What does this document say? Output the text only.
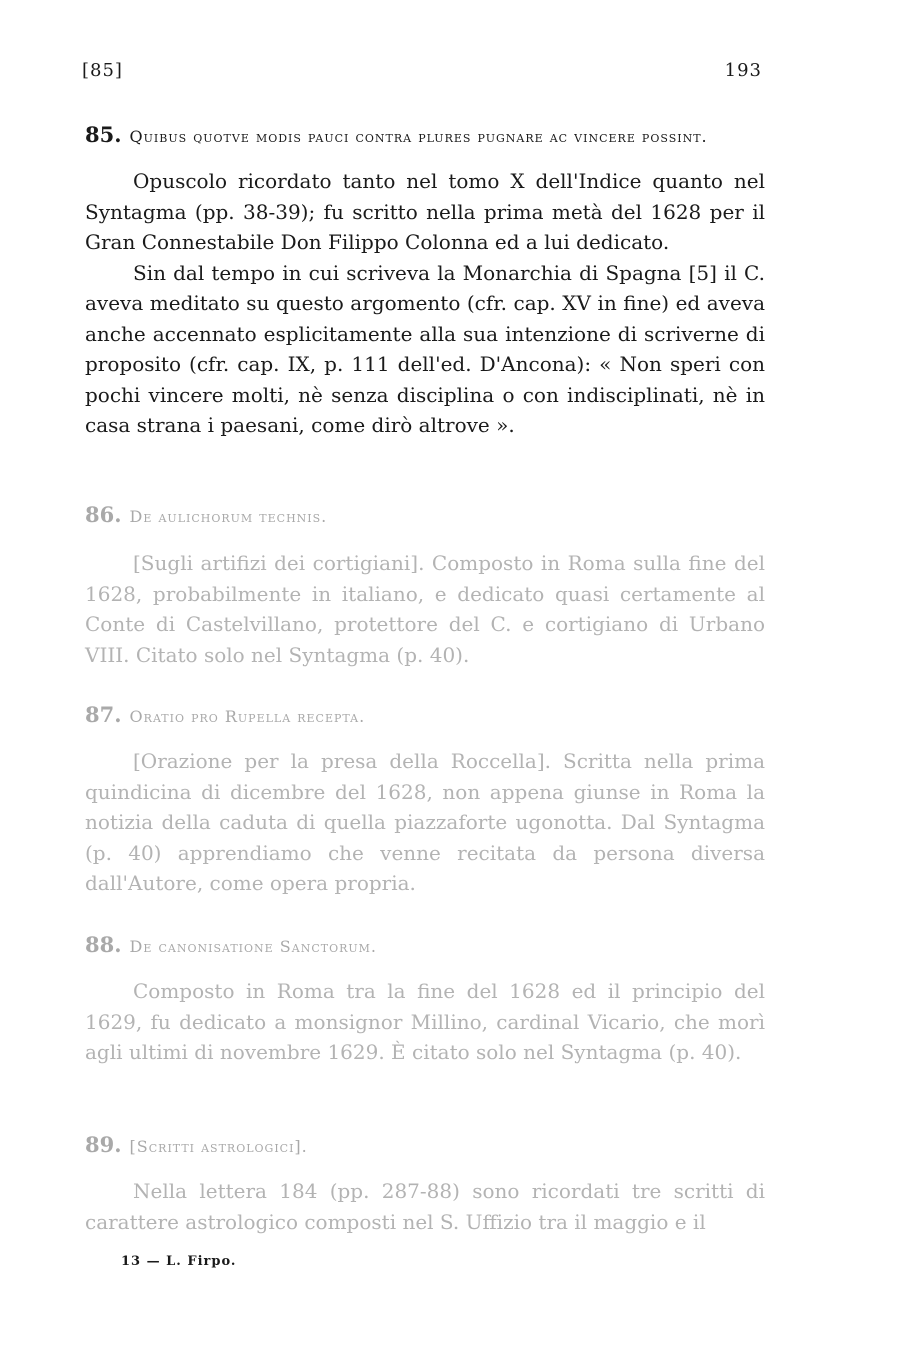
[85]	193
85. Quibus quotve modis pauci contra plures pugnare ac vincere possint.

Opuscolo ricordato tanto nel tomo X dell'Indice quanto nel Syntagma (pp. 38-39); fu scritto nella prima metà del 1628 per il Gran Connestabile Don Filippo Colonna ed a lui dedicato.

Sin dal tempo in cui scriveva la Monarchia di Spagna [5] il C. aveva meditato su questo argomento (cfr. cap. XV in fine) ed aveva anche accennato esplicitamente alla sua intenzione di scriverne di proposito (cfr. cap. IX, p. 111 dell'ed. D'Ancona): « Non speri con pochi vincere molti, nè senza disciplina o con indisciplinati, nè in casa strana i paesani, come dirò altrove ».

86. De aulichorum technis.

[Sugli artifizi dei cortigiani]. Composto in Roma sulla fine del 1628, probabilmente in italiano, e dedicato quasi certamente al Conte di Castelvillano, protettore del C. e cortigiano di Urbano VIII. Citato solo nel Syntagma (p. 40).

87. Oratio pro Rupella recepta.

[Orazione per la presa della Roccella]. Scritta nella prima quindicina di dicembre del 1628, non appena giunse in Roma la notizia della caduta di quella piazzaforte ugonotta. Dal Syntagma (p. 40) apprendiamo che venne recitata da persona diversa dall'Autore, come opera propria.

88. De canonisatione Sanctorum.

Composto in Roma tra la fine del 1628 ed il principio del 1629, fu dedicato a monsignor Millino, cardinal Vicario, che morì agli ultimi di novembre 1629. È citato solo nel Syntagma (p. 40).

89. [Scritti astrologici].

Nella lettera 184 (pp. 287-88) sono ricordati tre scritti di carattere astrologico composti nel S. Uffizio tra il maggio e il

13 — L. Firpo.
